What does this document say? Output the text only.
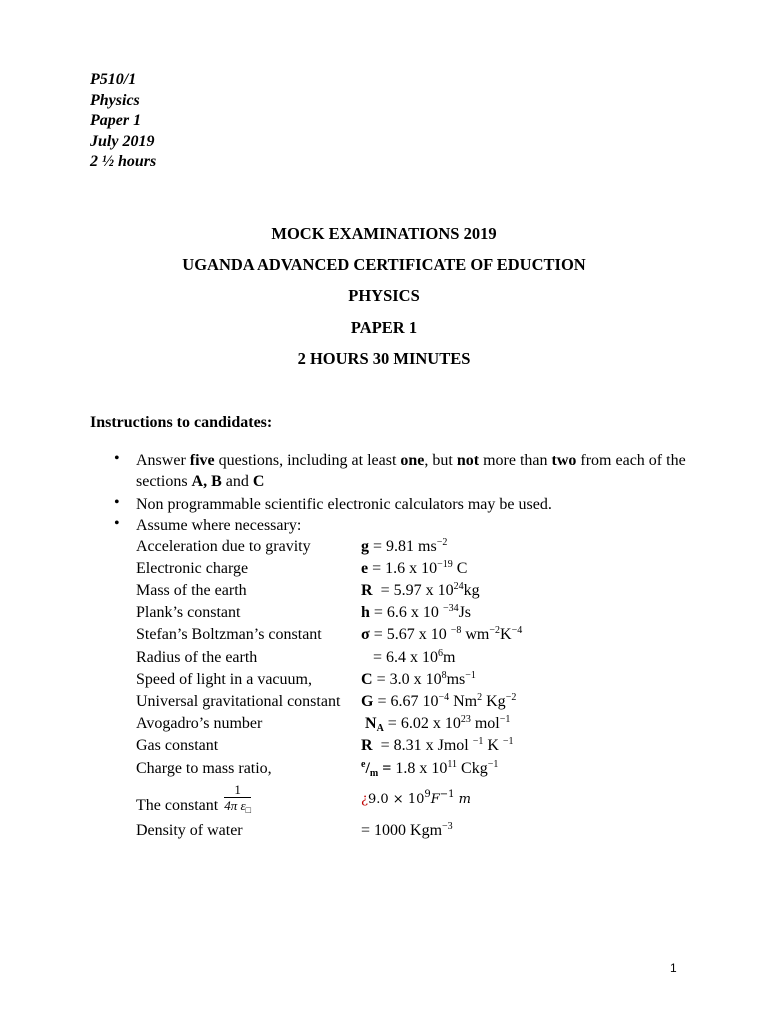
P510/1
Physics
Paper 1
July 2019
2 ½ hours
MOCK EXAMINATIONS 2019
UGANDA ADVANCED CERTIFICATE OF EDUCTION
PHYSICS
PAPER 1
2 HOURS 30 MINUTES
Instructions to candidates:
• Answer five questions, including at least one, but not more than two from each of the sections A, B and C
• Non programmable scientific electronic calculators may be used.
• Assume where necessary:
Acceleration due to gravity	g = 9.81 $ms^{-2}$
Electronic charge	e = 1.6 x $10^{-19}$ C
Mass of the earth	R  = 5.97 x $10^{24}kg$
Plank’s constant	h = 6.6 x 10 $^{-34}$Js
Stefan’s Boltzman’s constant σ = 5.67 x 10 $^{-8}$ $wm^{-2}K^{-4}$
Radius of the earth	= 6.4 x $10^6m$
Speed of light in a vacuum,	C = 3.0 x $10^8ms^{-1}$
Universal gravitational constant G = 6.67 $10^{-4}$ Nm$^2$ $Kg^{-2}$
Avogadro’s number	$N_A = 6.02$ x $10^{23}$ mol$^{-1}$
Gas constant	R  = 8.31 x Jmol $^{-1}$ K $^{-1}$
Charge to mass ratio,	$^e/_m = 1.8$ x $10^{11}$ Ckg$^{-1}$
The constant $\frac{1}{4\pi \varepsilon_□}$	¿$9.0 \times 10^9F^{-1}$ m
Density of water	= 1000 Kgm$^{-3}$
1
